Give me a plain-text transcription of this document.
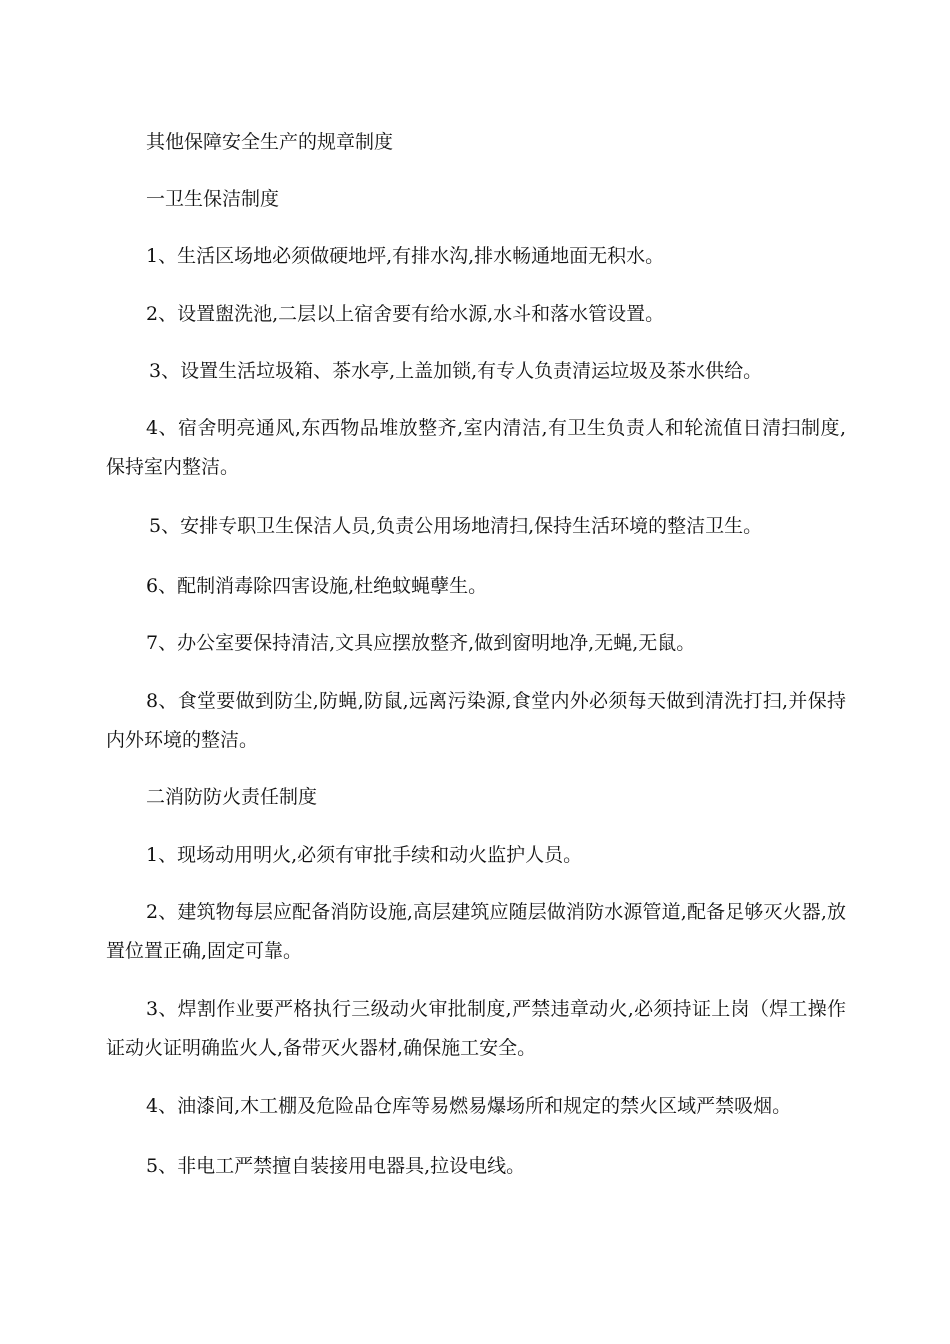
其他保障安全生产的规章制度
一卫生保洁制度
1、生活区场地必须做硬地坪,有排水沟,排水畅通地面无积水。
2、设置盥洗池,二层以上宿舍要有给水源,水斗和落水管设置。
3、设置生活垃圾箱、茶水亭,上盖加锁,有专人负责清运垃圾及茶水供给。
4、宿舍明亮通风,东西物品堆放整齐,室内清洁,有卫生负责人和轮流值日清扫制度,保持室内整洁。
5、安排专职卫生保洁人员,负责公用场地清扫,保持生活环境的整洁卫生。
6、配制消毒除四害设施,杜绝蚊蝇孽生。
7、办公室要保持清洁,文具应摆放整齐,做到窗明地净,无蝇,无鼠。
8、食堂要做到防尘,防蝇,防鼠,远离污染源,食堂内外必须每天做到清洗打扫,并保持内外环境的整洁。
二消防防火责任制度
1、现场动用明火,必须有审批手续和动火监护人员。
2、建筑物每层应配备消防设施,高层建筑应随层做消防水源管道,配备足够灭火器,放置位置正确,固定可靠。
3、焊割作业要严格执行三级动火审批制度,严禁违章动火,必须持证上岗（焊工操作证动火证明确监火人,备带灭火器材,确保施工安全。
4、油漆间,木工棚及危险品仓库等易燃易爆场所和规定的禁火区域严禁吸烟。
5、非电工严禁擅自装接用电器具,拉设电线。
